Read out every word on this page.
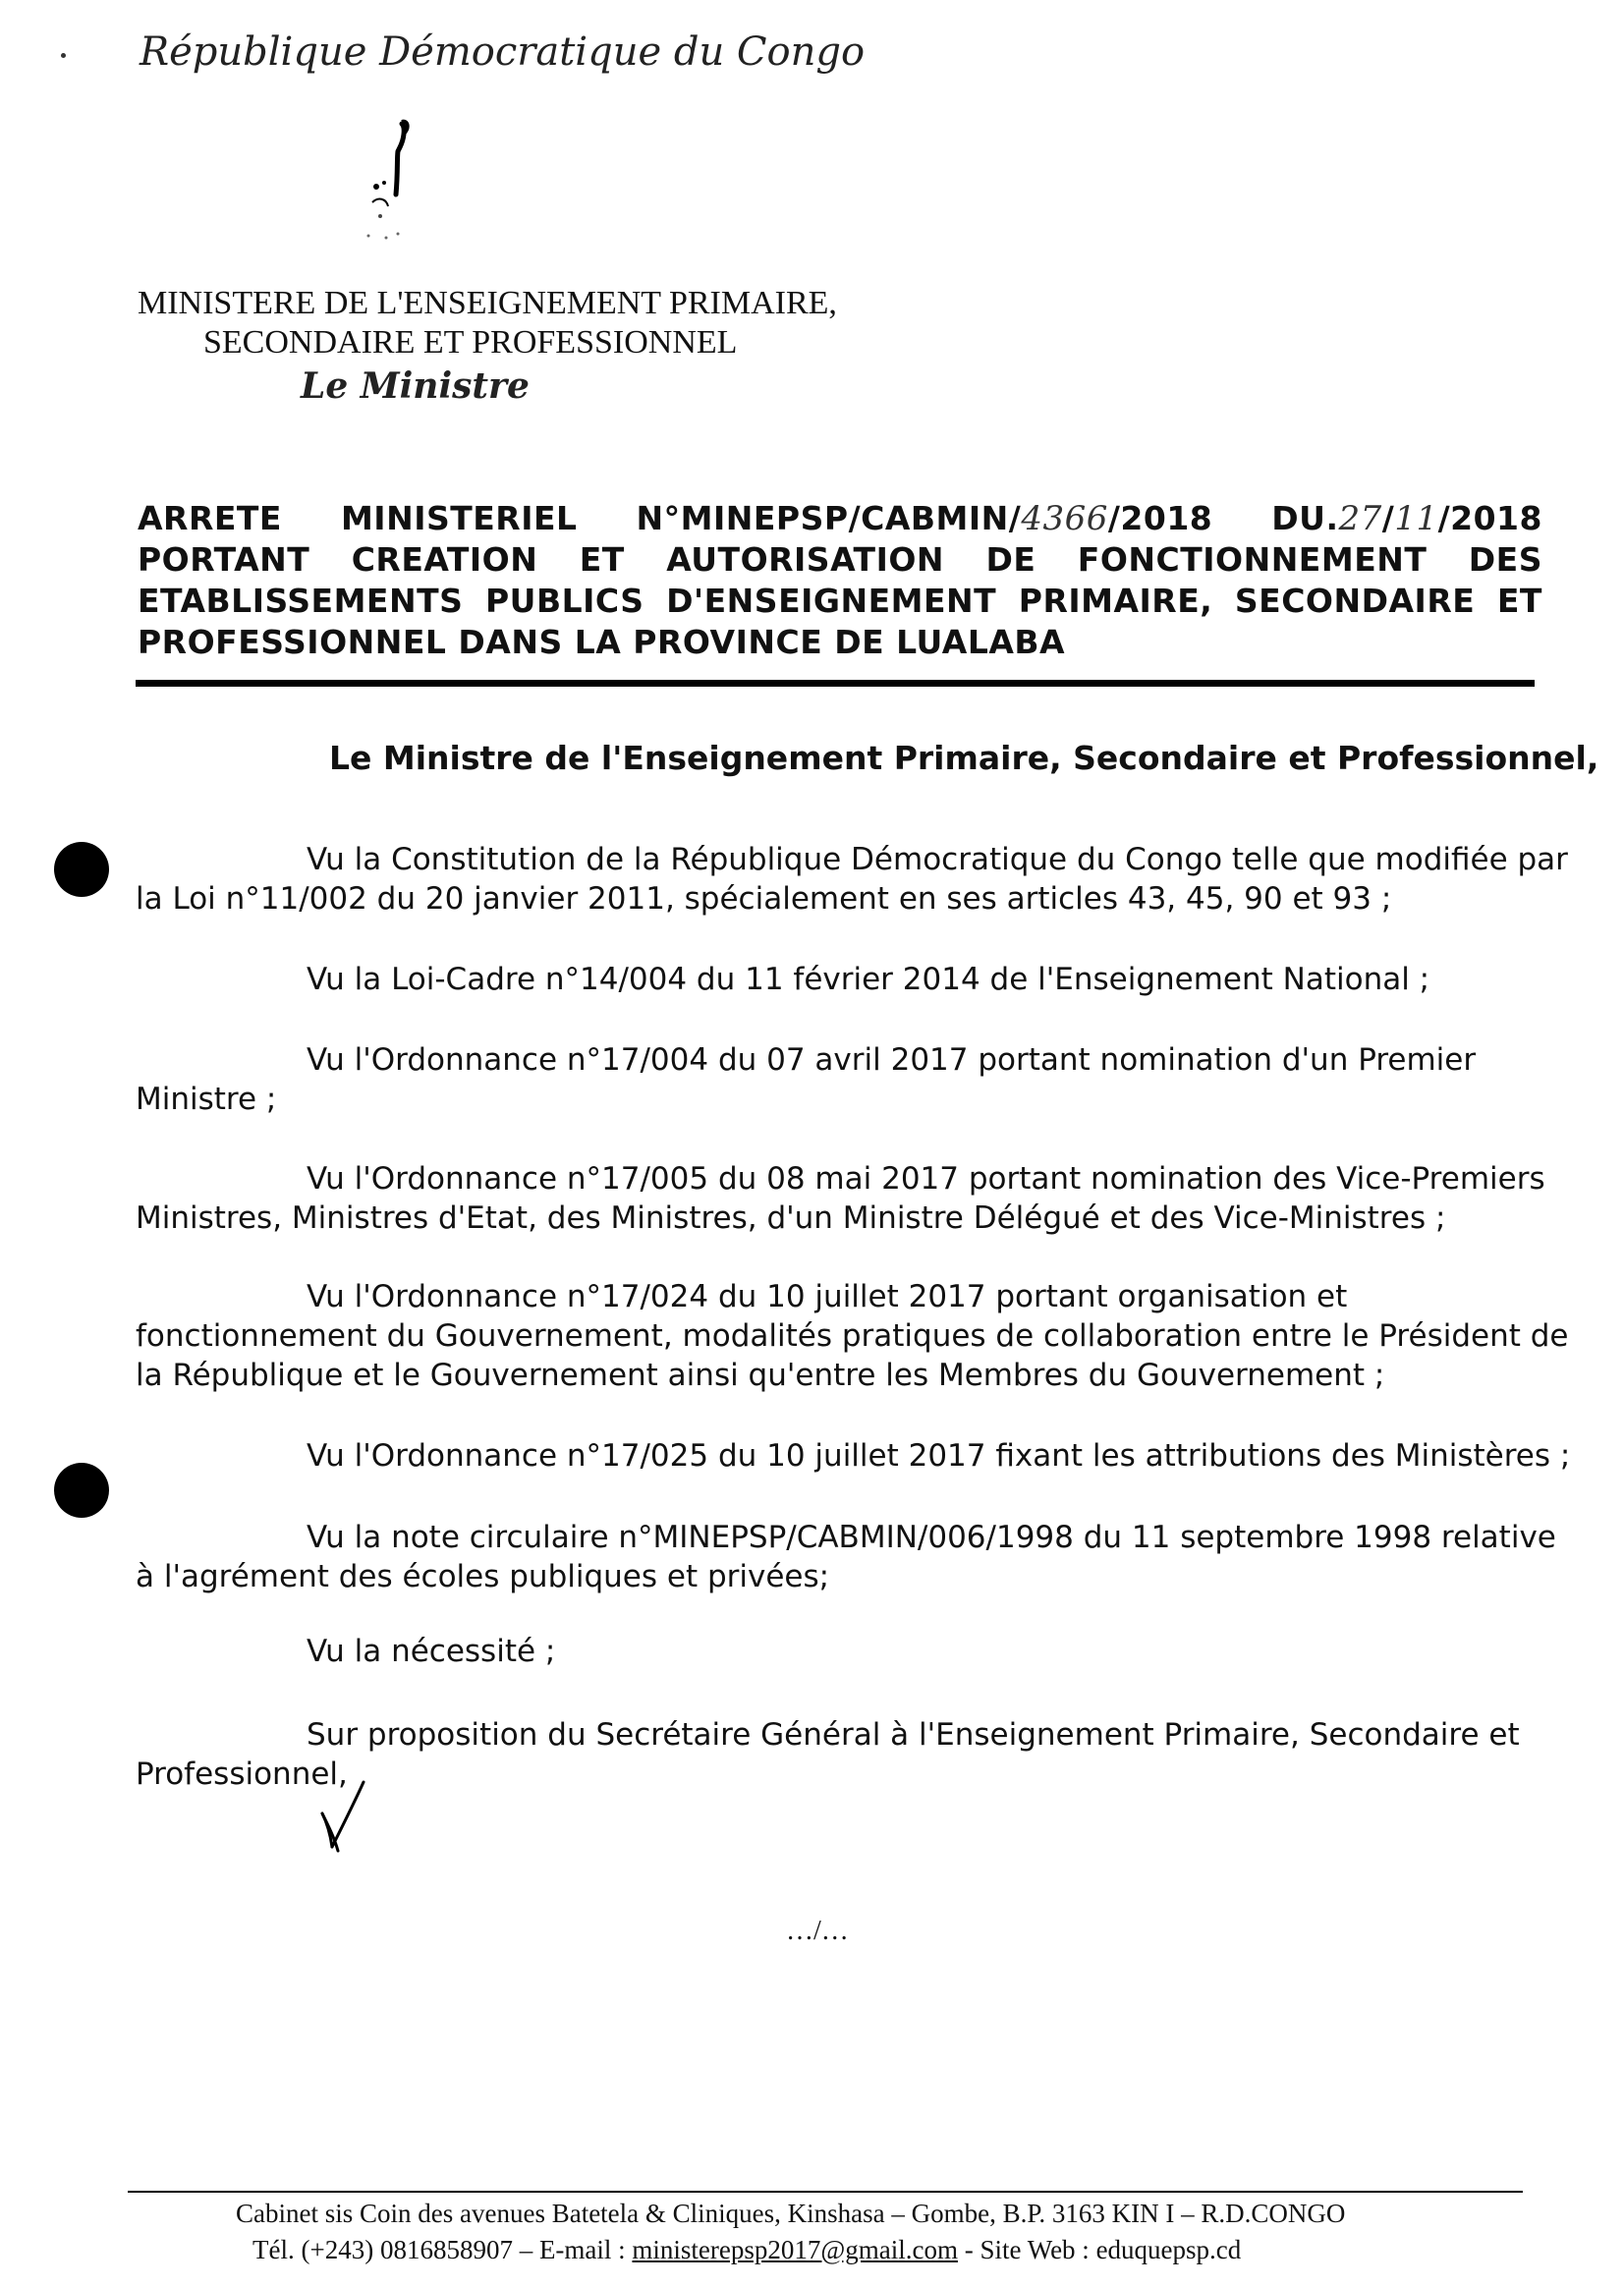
République Démocratique du Congo
MINISTERE DE L'ENSEIGNEMENT PRIMAIRE,
SECONDAIRE ET PROFESSIONNEL
Le Ministre
ARRETE MINISTERIEL N°MINEPSP/CABMIN/4366/2018 DU.27/11/2018
PORTANT CREATION ET AUTORISATION DE FONCTIONNEMENT DES
ETABLISSEMENTS PUBLICS D'ENSEIGNEMENT PRIMAIRE, SECONDAIRE ET
PROFESSIONNEL DANS LA PROVINCE DE LUALABA
Le Ministre de l'Enseignement Primaire, Secondaire et Professionnel,
Vu la Constitution de la République Démocratique du Congo telle que modifiée par
la Loi n°11/002 du 20 janvier 2011, spécialement en ses articles 43, 45, 90 et 93 ;
Vu la Loi-Cadre n°14/004 du 11 février 2014 de l'Enseignement National ;
Vu l'Ordonnance n°17/004 du 07 avril 2017 portant nomination d'un Premier
Ministre ;
Vu l'Ordonnance n°17/005 du 08 mai 2017 portant nomination des Vice-Premiers
Ministres, Ministres d'Etat, des Ministres, d'un Ministre Délégué et des Vice-Ministres ;
Vu l'Ordonnance n°17/024 du 10 juillet 2017 portant organisation et
fonctionnement du Gouvernement, modalités pratiques de collaboration entre le Président de
la République et le Gouvernement ainsi qu'entre les Membres du Gouvernement ;
Vu l'Ordonnance n°17/025 du 10 juillet 2017 fixant les attributions des Ministères ;
Vu la note circulaire n°MINEPSP/CABMIN/006/1998 du 11 septembre 1998 relative
à l'agrément des écoles publiques et privées;
Vu la nécessité ;
Sur proposition du Secrétaire Général à l'Enseignement Primaire, Secondaire et
Professionnel,
…/…
Cabinet sis Coin des avenues Batetela & Cliniques, Kinshasa – Gombe, B.P. 3163 KIN I – R.D.CONGO
Tél. (+243) 0816858907 – E-mail : ministerepsp2017@gmail.com - Site Web : eduquepsp.cd
